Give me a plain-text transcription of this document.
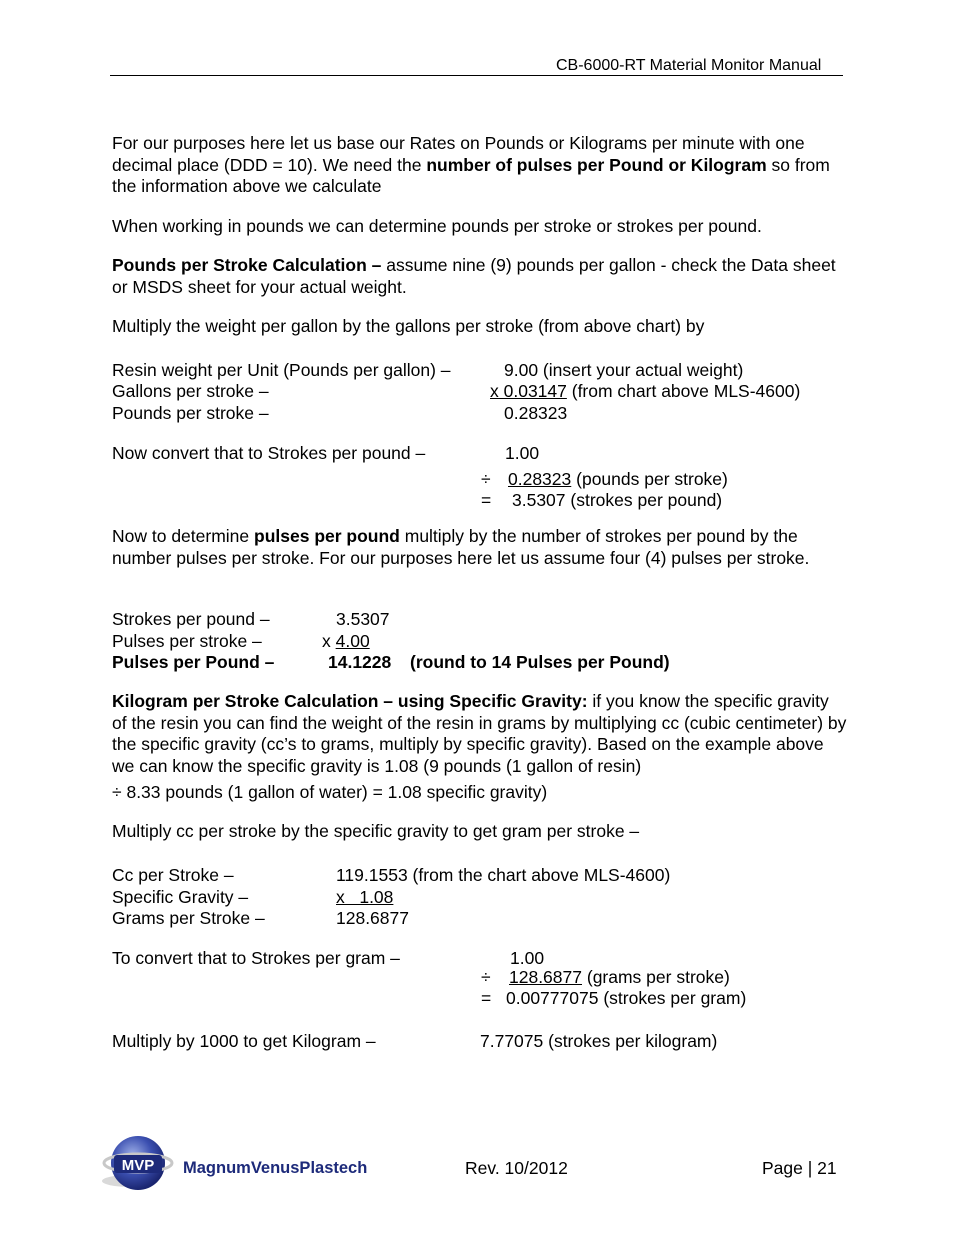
CB-6000-RT Material Monitor Manual
For our purposes here let us base our Rates on Pounds or Kilograms per minute with one decimal place (DDD = 10). We need the number of pulses per Pound or Kilogram so from the information above we calculate
When working in pounds we can determine pounds per stroke or strokes per pound.
Pounds per Stroke Calculation – assume nine (9) pounds per gallon - check the Data sheet or MSDS sheet for your actual weight.
Multiply the weight per gallon by the gallons per stroke (from above chart) by
Resin weight per Unit (Pounds per gallon) –	9.00 (insert your actual weight)
Gallons per stroke –	x 0.03147 (from chart above MLS-4600)
Pounds per stroke –	0.28323
Now convert that to Strokes per pound –	1.00
÷ 0.28323 (pounds per stroke)
= 3.5307 (strokes per pound)
Now to determine pulses per pound multiply by the number of strokes per pound by the number pulses per stroke. For our purposes here let us assume four (4) pulses per stroke.
Strokes per pound –	3.5307
Pulses per stroke –	x 4.00
Pulses per Pound –	14.1228 (round to 14 Pulses per Pound)
Kilogram per Stroke Calculation – using Specific Gravity: if you know the specific gravity of the resin you can find the weight of the resin in grams by multiplying cc (cubic centimeter) by the specific gravity (cc’s to grams, multiply by specific gravity). Based on the example above we can know the specific gravity is 1.08 (9 pounds (1 gallon of resin)
÷ 8.33 pounds (1 gallon of water) = 1.08 specific gravity)
Multiply cc per stroke by the specific gravity to get gram per stroke –
Cc per Stroke –	119.1553 (from the chart above MLS-4600)
Specific Gravity –	x   1.08
Grams per Stroke –	128.6877
To convert that to Strokes per gram –	1.00
÷ 128.6877 (grams per stroke)
= 0.00777075 (strokes per gram)
Multiply by 1000 to get Kilogram –	7.77075 (strokes per kilogram)
MVP MagnumVenusPlastech	Rev. 10/2012	Page | 21
